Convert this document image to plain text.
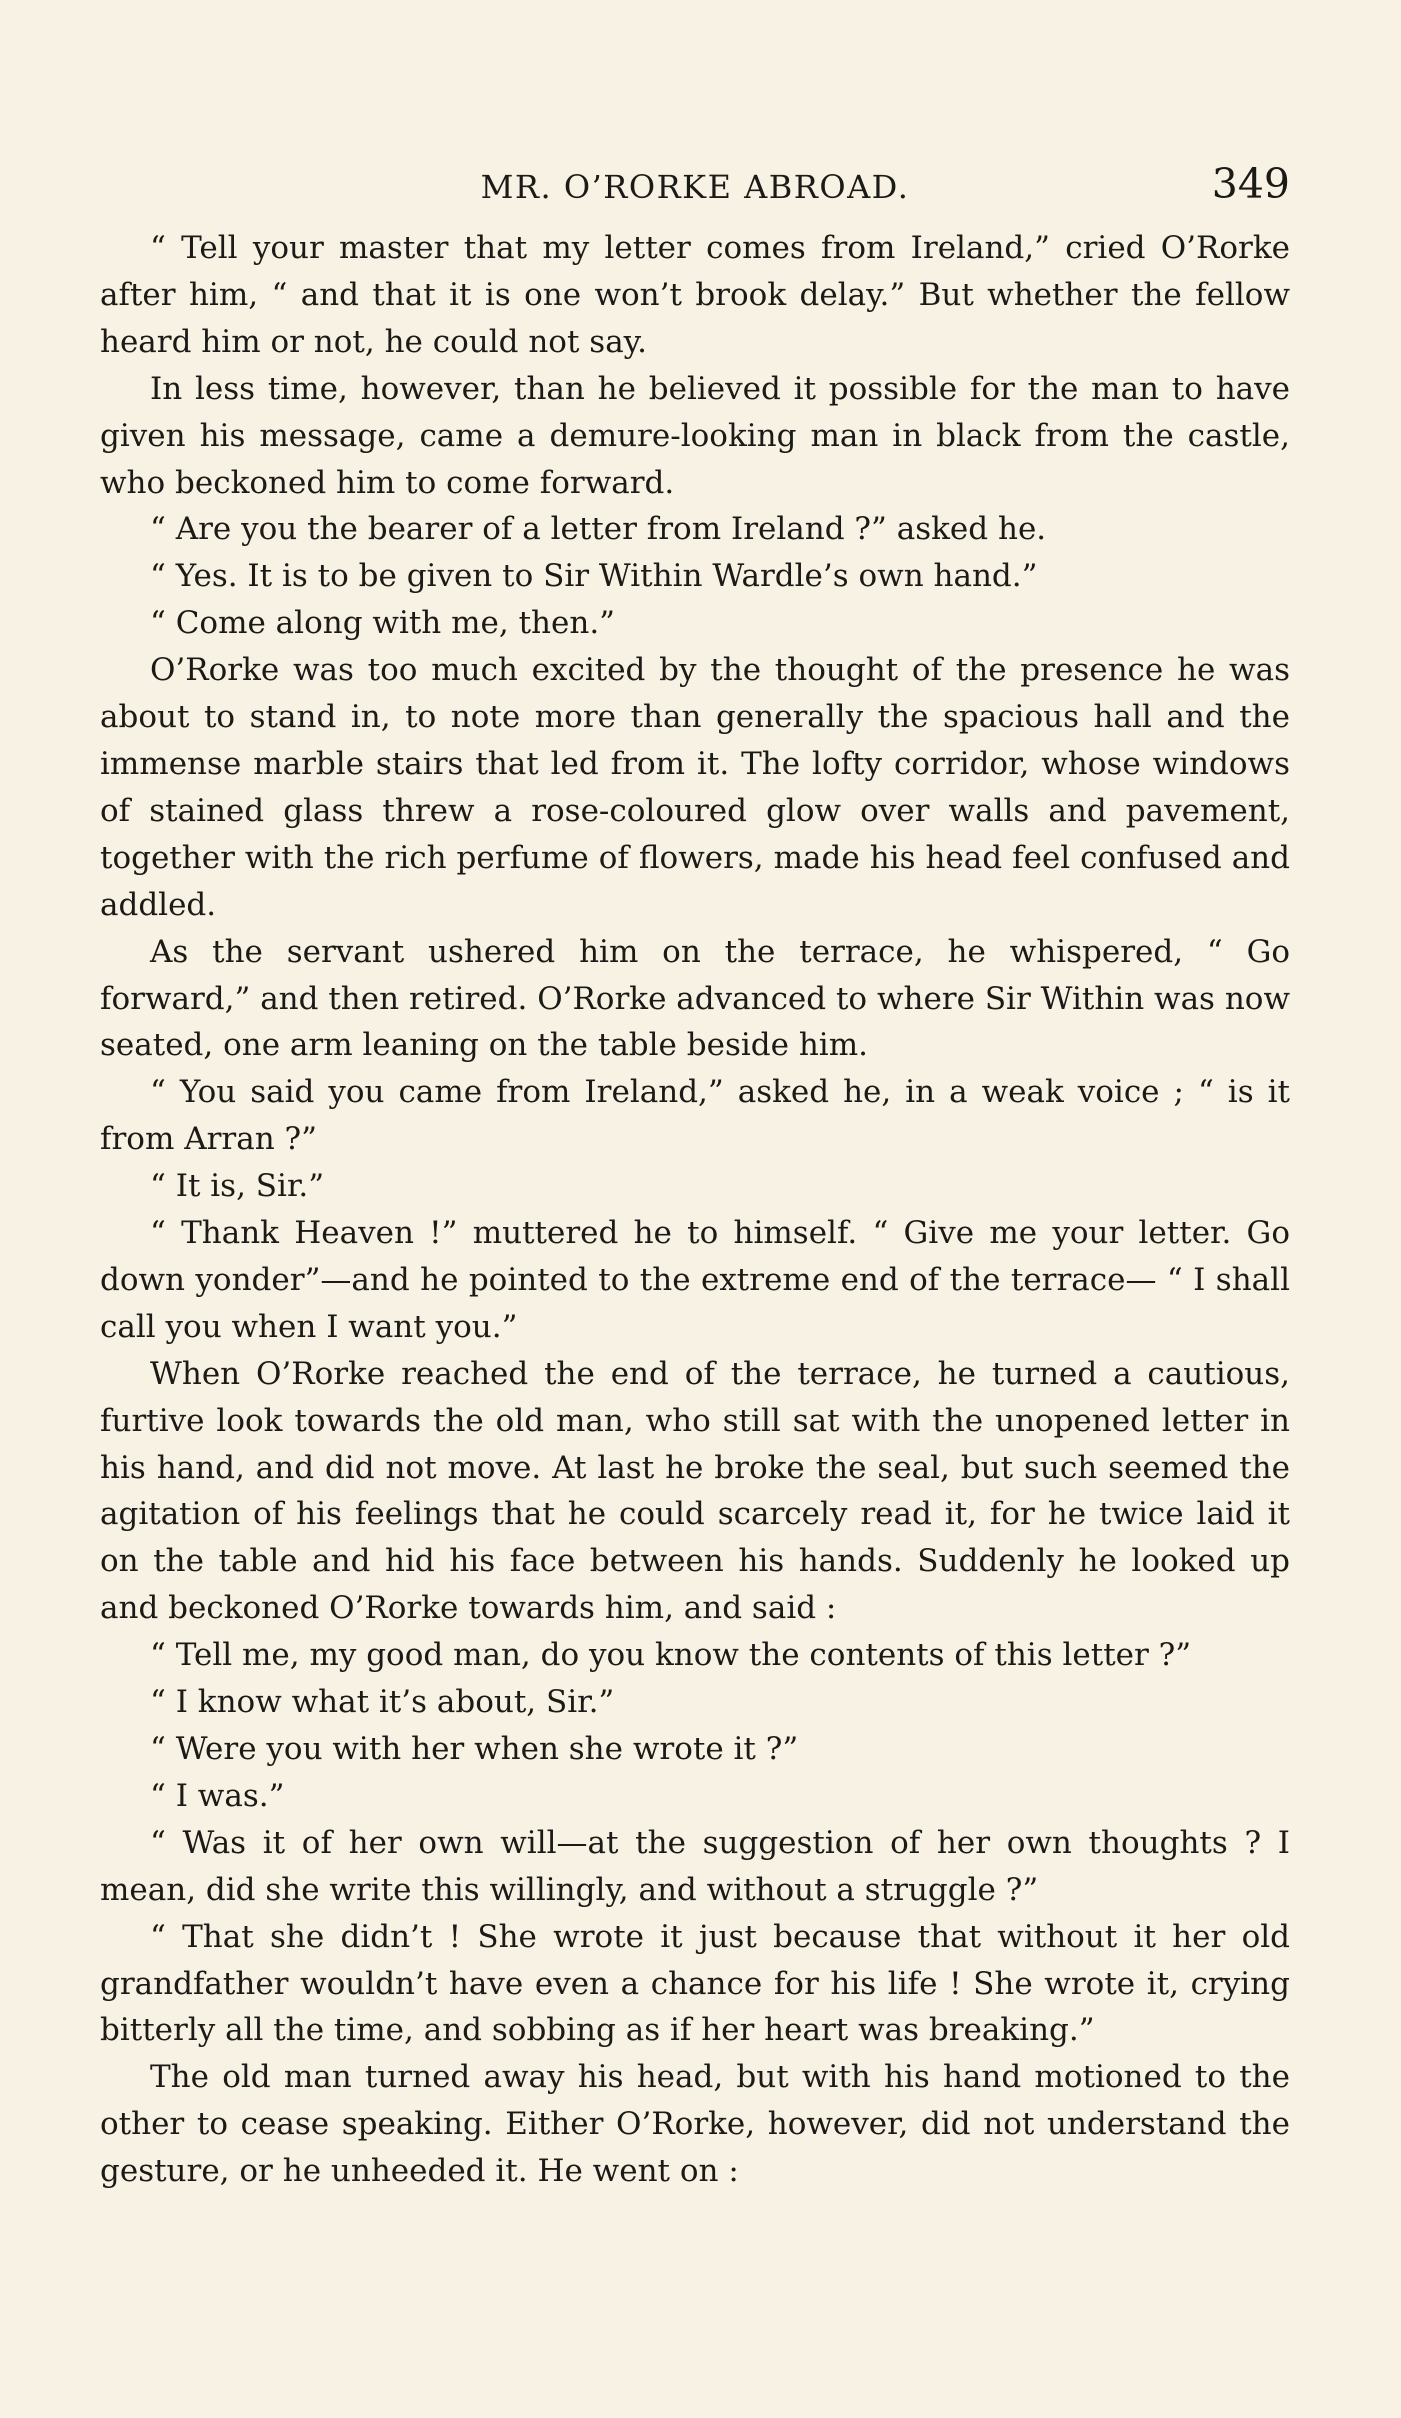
MR. O’RORKE ABROAD.	349

“ Tell your master that my letter comes from Ireland,” cried O’Rorke after him, “ and that it is one won’t brook delay.” But whether the fellow heard him or not, he could not say.

In less time, however, than he believed it possible for the man to have given his message, came a demure-looking man in black from the castle, who beckoned him to come forward.

“ Are you the bearer of a letter from Ireland ?” asked he.

“ Yes. It is to be given to Sir Within Wardle’s own hand.”

“ Come along with me, then.”

O’Rorke was too much excited by the thought of the presence he was about to stand in, to note more than generally the spacious hall and the immense marble stairs that led from it. The lofty corridor, whose windows of stained glass threw a rose-coloured glow over walls and pavement, together with the rich perfume of flowers, made his head feel confused and addled.

As the servant ushered him on the terrace, he whispered, “ Go forward,” and then retired. O’Rorke advanced to where Sir Within was now seated, one arm leaning on the table beside him.

“ You said you came from Ireland,” asked he, in a weak voice ; “ is it from Arran ?”

“ It is, Sir.”

“ Thank Heaven !” muttered he to himself. “ Give me your letter. Go down yonder”—and he pointed to the extreme end of the terrace— “ I shall call you when I want you.”

When O’Rorke reached the end of the terrace, he turned a cautious, furtive look towards the old man, who still sat with the unopened letter in his hand, and did not move. At last he broke the seal, but such seemed the agitation of his feelings that he could scarcely read it, for he twice laid it on the table and hid his face between his hands. Suddenly he looked up and beckoned O’Rorke towards him, and said :

“ Tell me, my good man, do you know the contents of this letter ?”

“ I know what it’s about, Sir.”

“ Were you with her when she wrote it ?”

“ I was.”

“ Was it of her own will—at the suggestion of her own thoughts ? I mean, did she write this willingly, and without a struggle ?”

“ That she didn’t ! She wrote it just because that without it her old grandfather wouldn’t have even a chance for his life ! She wrote it, crying bitterly all the time, and sobbing as if her heart was breaking.”

The old man turned away his head, but with his hand motioned to the other to cease speaking. Either O’Rorke, however, did not understand the gesture, or he unheeded it. He went on :
